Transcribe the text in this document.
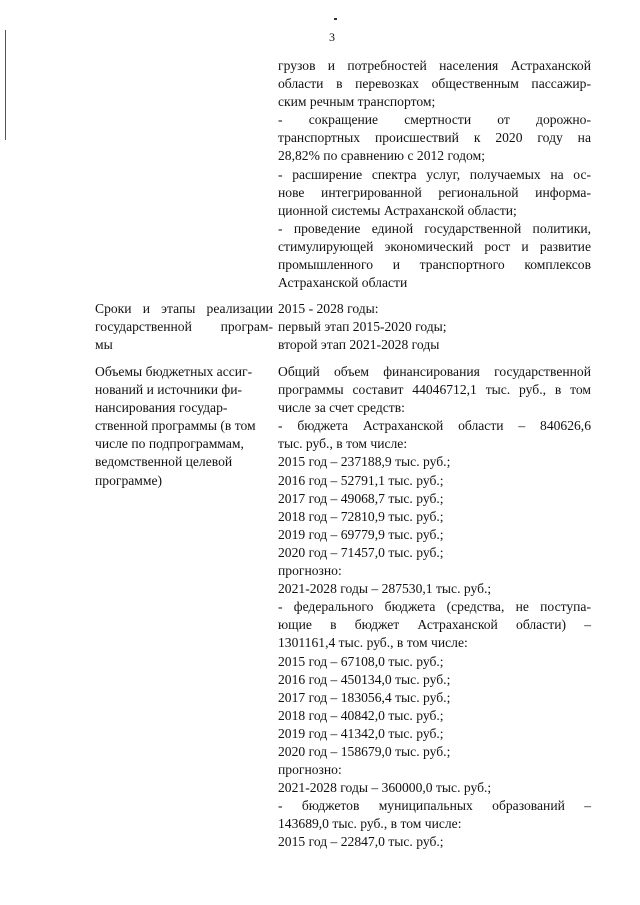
3
грузов и потребностей населения Астраханской
области в перевозках общественным пассажир-
ским речным транспортом;
- сокращение смертности от дорожно-
транспортных происшествий к 2020 году на
28,82% по сравнению с 2012 годом;
- расширение спектра услуг, получаемых на ос-
нове интегрированной региональной информа-
ционной системы Астраханской области;
- проведение единой государственной политики,
стимулирующей экономический рост и развитие
промышленного и транспортного комплексов
Астраханской области
Сроки и этапы реализации
государственной програм-
мы
2015 - 2028 годы:
первый этап 2015-2020 годы;
второй этап 2021-2028 годы
Объемы бюджетных ассиг-
нований и источники фи-
нансирования государ-
ственной программы (в том
числе по подпрограммам,
ведомственной целевой
программе)
Общий объем финансирования государственной
программы составит 44046712,1 тыс. руб., в том
числе за счет средств:
- бюджета Астраханской области – 840626,6
тыс. руб., в том числе:
2015 год – 237188,9 тыс. руб.;
2016 год – 52791,1 тыс. руб.;
2017 год – 49068,7 тыс. руб.;
2018 год – 72810,9 тыс. руб.;
2019 год – 69779,9 тыс. руб.;
2020 год – 71457,0 тыс. руб.;
прогнозно:
2021-2028 годы – 287530,1 тыс. руб.;
- федерального бюджета (средства, не поступа-
ющие в бюджет Астраханской области) –
1301161,4 тыс. руб., в том числе:
2015 год – 67108,0 тыс. руб.;
2016 год – 450134,0 тыс. руб.;
2017 год – 183056,4 тыс. руб.;
2018 год – 40842,0 тыс. руб.;
2019 год – 41342,0 тыс. руб.;
2020 год – 158679,0 тыс. руб.;
прогнозно:
2021-2028 годы – 360000,0 тыс. руб.;
- бюджетов муниципальных образований –
143689,0 тыс. руб., в том числе:
2015 год – 22847,0 тыс. руб.;
